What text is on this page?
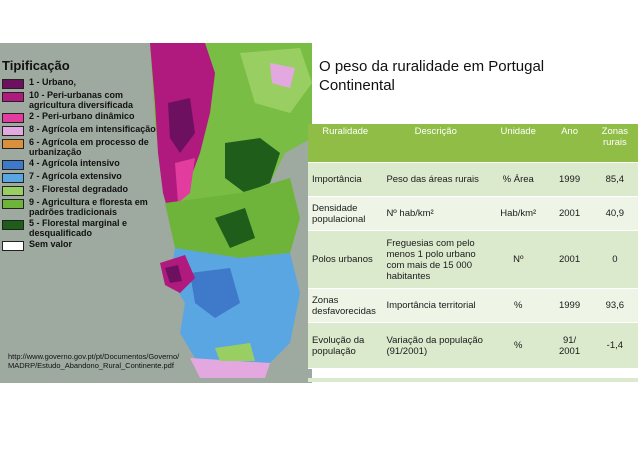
Tipificação
1 - Urbano,
10 - Peri-urbanas com agricultura diversificada
2 - Peri-urbano dinâmico
8 - Agrícola em intensificação
6 - Agrícola em processo de urbanização
4 - Agrícola intensivo
7 - Agrícola extensivo
3 - Florestal degradado
9 - Agricultura e floresta em padrões tradicionais
5 - Florestal marginal e desqualificado
Sem valor
http://www.governo.gov.pt/pt/Documentos/Governo/
MADRP/Estudo_Abandono_Rural_Continente.pdf
O peso da ruralidade em Portugal
Continental
Ruralidade	Descrição	Unidade	Ano	Zonas rurais
Importância	Peso das áreas rurais	% Área	1999	85,4
Densidade populacional	Nº hab/km²	Hab/km²	2001	40,9
Polos urbanos	Freguesias com pelo menos 1 polo urbano com mais de 15 000 habitantes	Nº	2001	0
Zonas desfavorecidas	Importância territorial	%	1999	93,6
Evolução da população	Variação da população (91/2001)	%	91/ 2001	-1,4
